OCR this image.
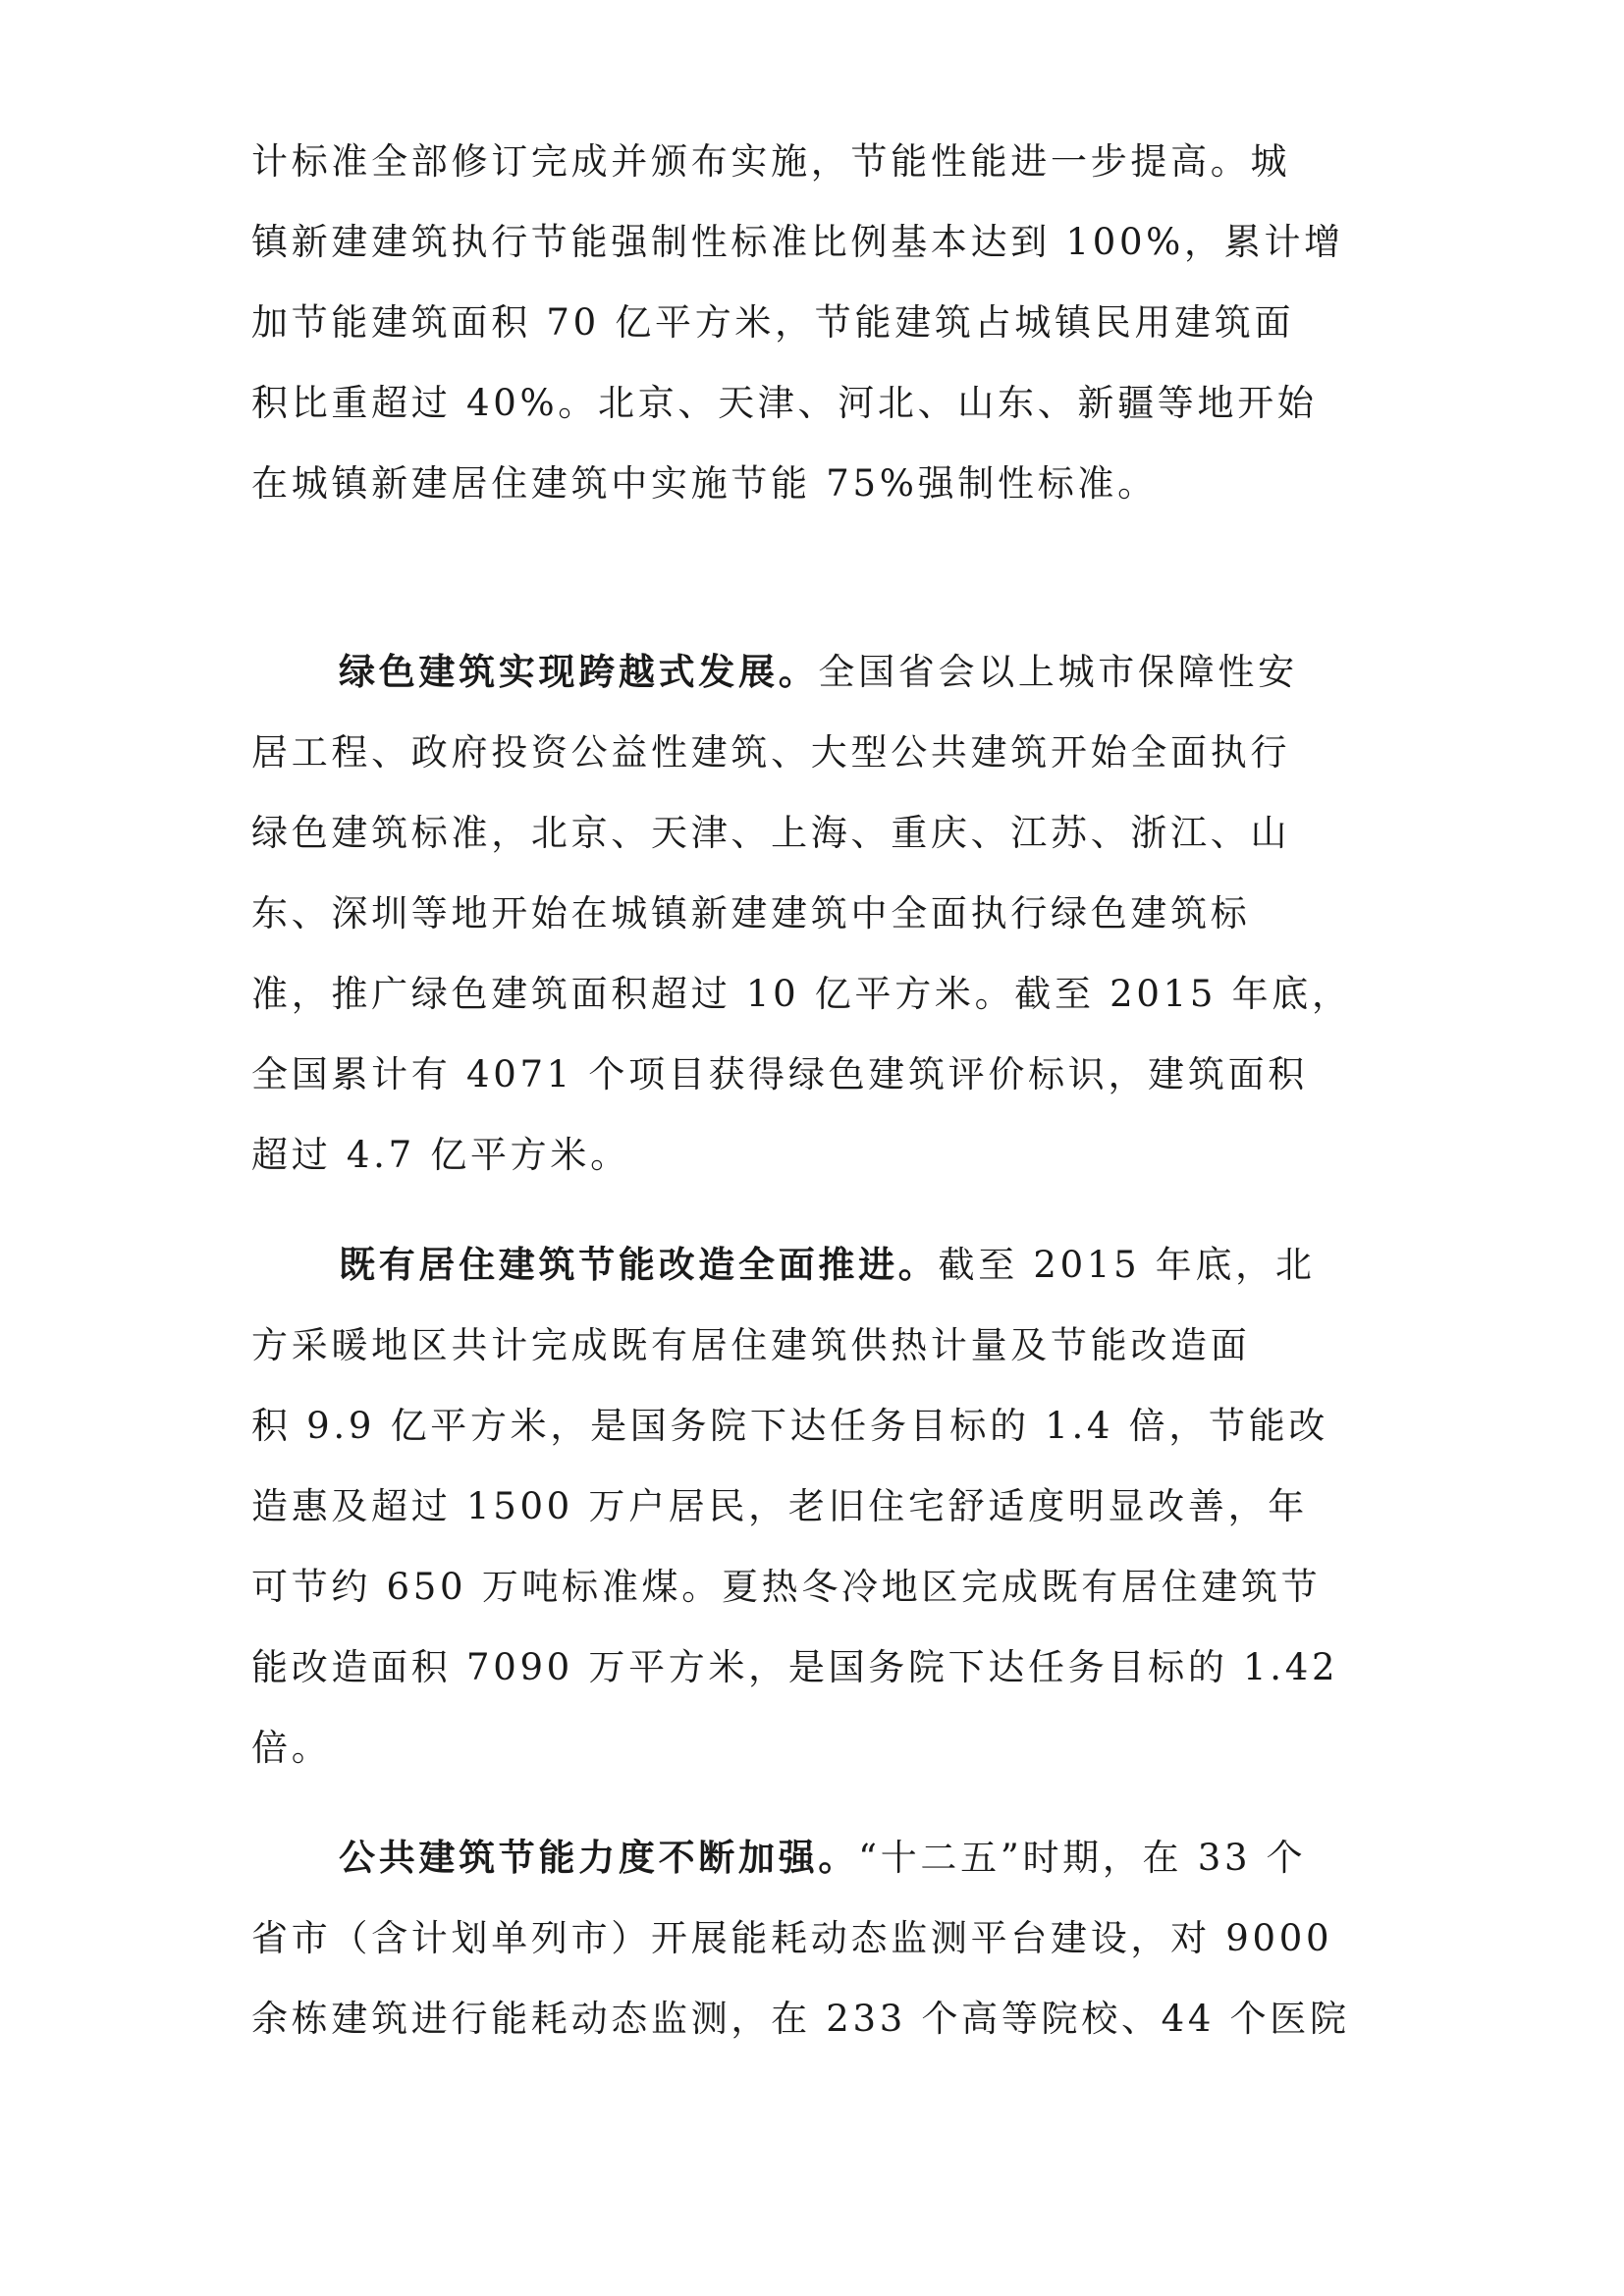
计标准全部修订完成并颁布实施，节能性能进一步提高。城
镇新建建筑执行节能强制性标准比例基本达到 100%，累计增
加节能建筑面积 70 亿平方米，节能建筑占城镇民用建筑面
积比重超过 40%。北京、天津、河北、山东、新疆等地开始
在城镇新建居住建筑中实施节能 75%强制性标准。
绿色建筑实现跨越式发展。全国省会以上城市保障性安
居工程、政府投资公益性建筑、大型公共建筑开始全面执行
绿色建筑标准，北京、天津、上海、重庆、江苏、浙江、山
东、深圳等地开始在城镇新建建筑中全面执行绿色建筑标
准，推广绿色建筑面积超过 10 亿平方米。截至 2015 年底，
全国累计有 4071 个项目获得绿色建筑评价标识，建筑面积
超过 4.7 亿平方米。
既有居住建筑节能改造全面推进。截至 2015 年底，北
方采暖地区共计完成既有居住建筑供热计量及节能改造面
积 9.9 亿平方米，是国务院下达任务目标的 1.4 倍，节能改
造惠及超过 1500 万户居民，老旧住宅舒适度明显改善，年
可节约 650 万吨标准煤。夏热冬冷地区完成既有居住建筑节
能改造面积 7090 万平方米，是国务院下达任务目标的 1.42
倍。
公共建筑节能力度不断加强。“十二五”时期，在 33 个
省市（含计划单列市）开展能耗动态监测平台建设，对 9000
余栋建筑进行能耗动态监测，在 233 个高等院校、44 个医院
